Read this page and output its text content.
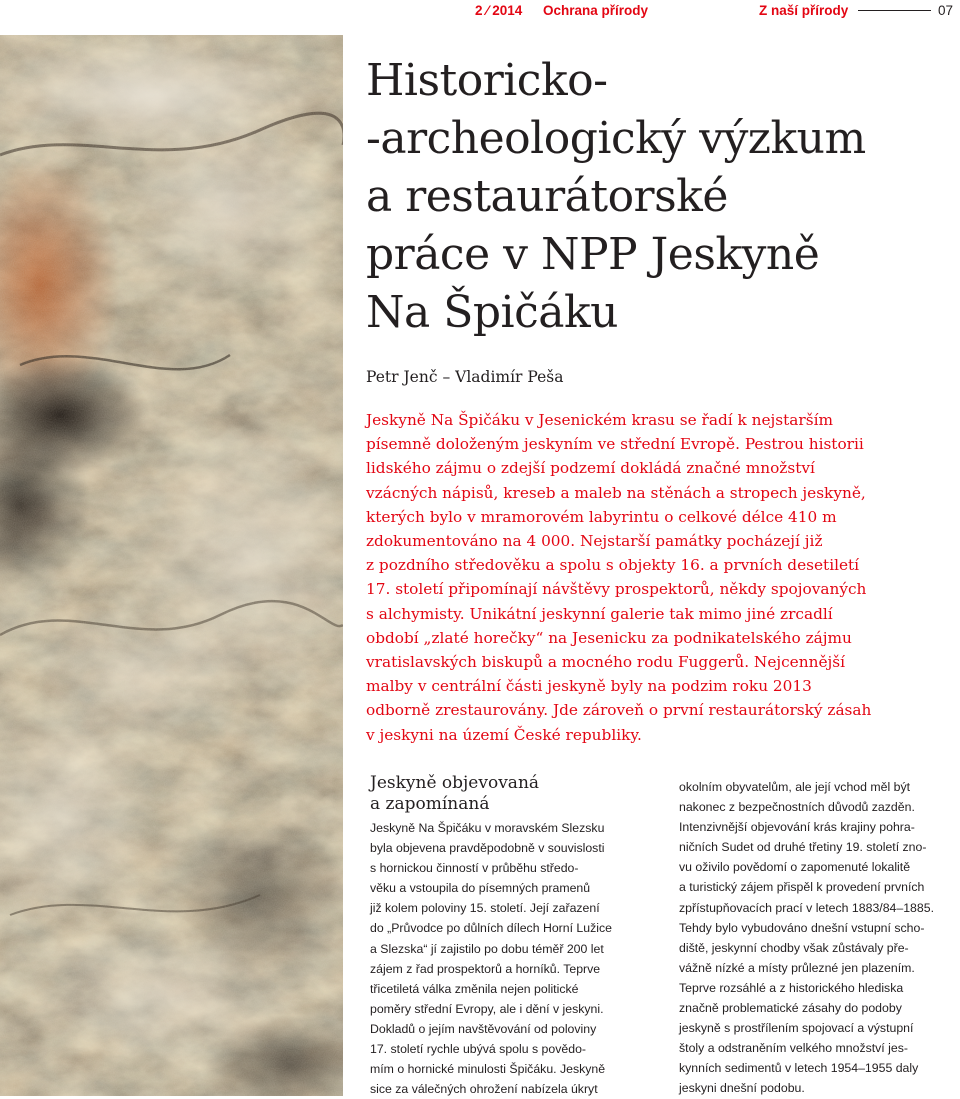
2 ⁄ 2014 Ochrana přírody	Z naší přírody	07
Historicko-
-archeologický výzkum
a restaurátorské
práce v NPP Jeskyně
Na Špičáku
Petr Jenč – Vladimír Peša
Jeskyně Na Špičáku v Jesenickém krasu se řadí k nejstarším
písemně doloženým jeskyním ve střední Evropě. Pestrou historii
lidského zájmu o zdejší podzemí dokládá značné množství
vzácných nápisů, kreseb a maleb na stěnách a stropech jeskyně,
kterých bylo v mramorovém labyrintu o celkové délce 410 m
zdokumentováno na 4 000. Nejstarší památky pocházejí již
z pozdního středověku a spolu s objekty 16. a prvních desetiletí
17. století připomínají návštěvy prospektorů, někdy spojovaných
s alchymisty. Unikátní jeskynní galerie tak mimo jiné zrcadlí
období „zlaté horečky“ na Jesenicku za podnikatelského zájmu
vratislavských biskupů a mocného rodu Fuggerů. Nejcennější
malby v centrální části jeskyně byly na podzim roku 2013
odborně zrestaurovány. Jde zároveň o první restaurátorský zásah
v jeskyni na území České republiky.
Jeskyně objevovaná
a zapomínaná
Jeskyně Na Špičáku v moravském Slezsku
byla objevena pravděpodobně v souvislosti
s hornickou činností v průběhu středo-
věku a vstoupila do písemných pramenů
již kolem poloviny 15. století. Její zařazení
do „Průvodce po důlních dílech Horní Lužice
a Slezska“ jí zajistilo po dobu téměř 200 let
zájem z řad prospektorů a horníků. Teprve
třicetiletá válka změnila nejen politické
poměry střední Evropy, ale i dění v jeskyni.
Dokladů o jejím navštěvování od poloviny
17. století rychle ubývá spolu s povědo-
mím o hornické minulosti Špičáku. Jeskyně
sice za válečných ohrožení nabízela úkryt
okolním obyvatelům, ale její vchod měl být
nakonec z bezpečnostních důvodů zazděn.
Intenzivnější objevování krás krajiny pohra-
ničních Sudet od druhé třetiny 19. století zno-
vu oživilo povědomí o zapomenuté lokalitě
a turistický zájem přispěl k provedení prvních
zpřístupňovacích prací v letech 1883/84–1885.
Tehdy bylo vybudováno dnešní vstupní scho-
diště, jeskynní chodby však zůstávaly pře-
vážně nízké a místy průlezné jen plazením.
Teprve rozsáhlé a z historického hlediska
značně problematické zásahy do podoby
jeskyně s prostřílením spojovací a výstupní
štoly a odstraněním velkého množství jes-
kynních sedimentů v letech 1954–1955 daly
jeskyni dnešní podobu.
